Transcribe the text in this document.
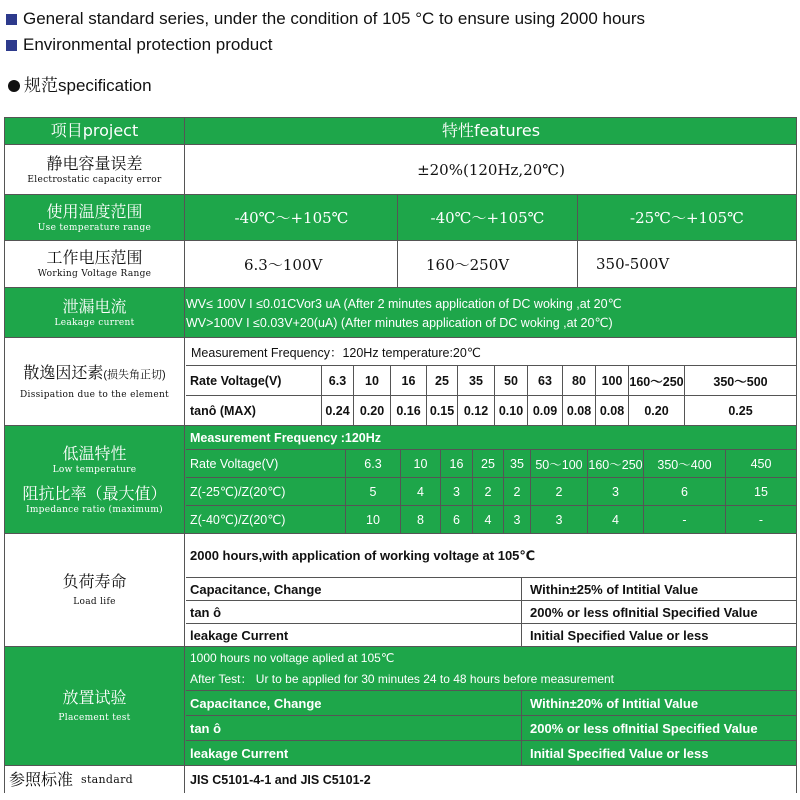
General standard series, under the condition of 105 °C to ensure using 2000 hours
Environmental protection product
规范specification
项目project	特性features
静电容量误差
Electrostatic capacity error
±20%(120Hz,20℃)
使用温度范围
Use temperature range
-40℃～+105℃	-40℃～+105℃	-25℃～+105℃
工作电压范围
Working Voltage Range
6.3～100V	160～250V	350-500V
泄漏电流
Leakage current
WV≤ 100V I ≤0.01CVor3 uA (After 2 minutes application of DC woking ,at 20℃
WV>100V I ≤0.03V+20(uA) (After minutes application of DC woking ,at 20℃)
散逸因还素(损失角正切)
Dissipation due to the element
Measurement Frequency：120Hz temperature:20℃
Rate Voltage(V)	6.3	10	16	25	35	50	63	80	100 160～250	350～500
tanô (MAX)	0.24 0.20 0.16 0.15 0.12 0.10 0.09 0.08 0.08	0.20	0.25
低温特性
Low temperature
阻抗比率（最大值）
Impedance ratio (maximum)
Measurement Frequency :120Hz
Rate Voltage(V)	6.3	10	16	25	35 50～100 160～250	350～400	450
Z(-25℃)/Z(20℃)	5	4	3	2	2	2	3	6	15
Z(-40℃)/Z(20℃)	10	8	6	4	3	3	4	-	-
负荷寿命
Load life
2000 hours,with application of working voltage at 105℃
Capacitance, Change	Within±25% of Intitial Value
tan ô	200% or less ofInitial Specified Value
leakage Current	Initial Specified Value or less
放置试验
Placement test
1000 hours no voltage aplied at 105℃
After Test： Ur to be applied for 30 minutes 24 to 48 hours before measurement
Capacitance, Change	Within±20% of Intitial Value
tan ô	200% or less ofInitial Specified Value
leakage Current	Initial Specified Value or less
参照标准 standard	JIS C5101-4-1 and JIS C5101-2
